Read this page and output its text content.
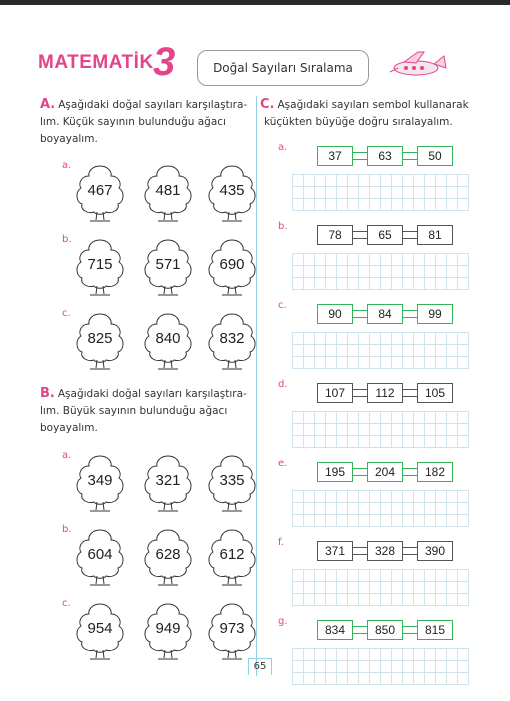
MATEMATİK 3	Doğal Sayıları Sıralama
A. Aşağıdaki doğal sayıları karşılaştıra-
lım. Küçük sayının bulunduğu ağacı
boyayalım.
a.
467	481	435
b.
715	571	690
c.
825	840	832
B. Aşağıdaki doğal sayıları karşılaştıra-
lım. Büyük sayının bulunduğu ağacı
boyayalım.
a.
349	321	335
b.
604	628	612
c.
954	949	973
C. Aşağıdaki sayıları sembol kullanarak
küçükten büyüğe doğru sıralayalım.
a.
37	63	50
b.
78	65	81
c.
90	84	99
d.
107	112	105
e.
195	204	182
f.
371	328	390
g.
834	850	815
65
